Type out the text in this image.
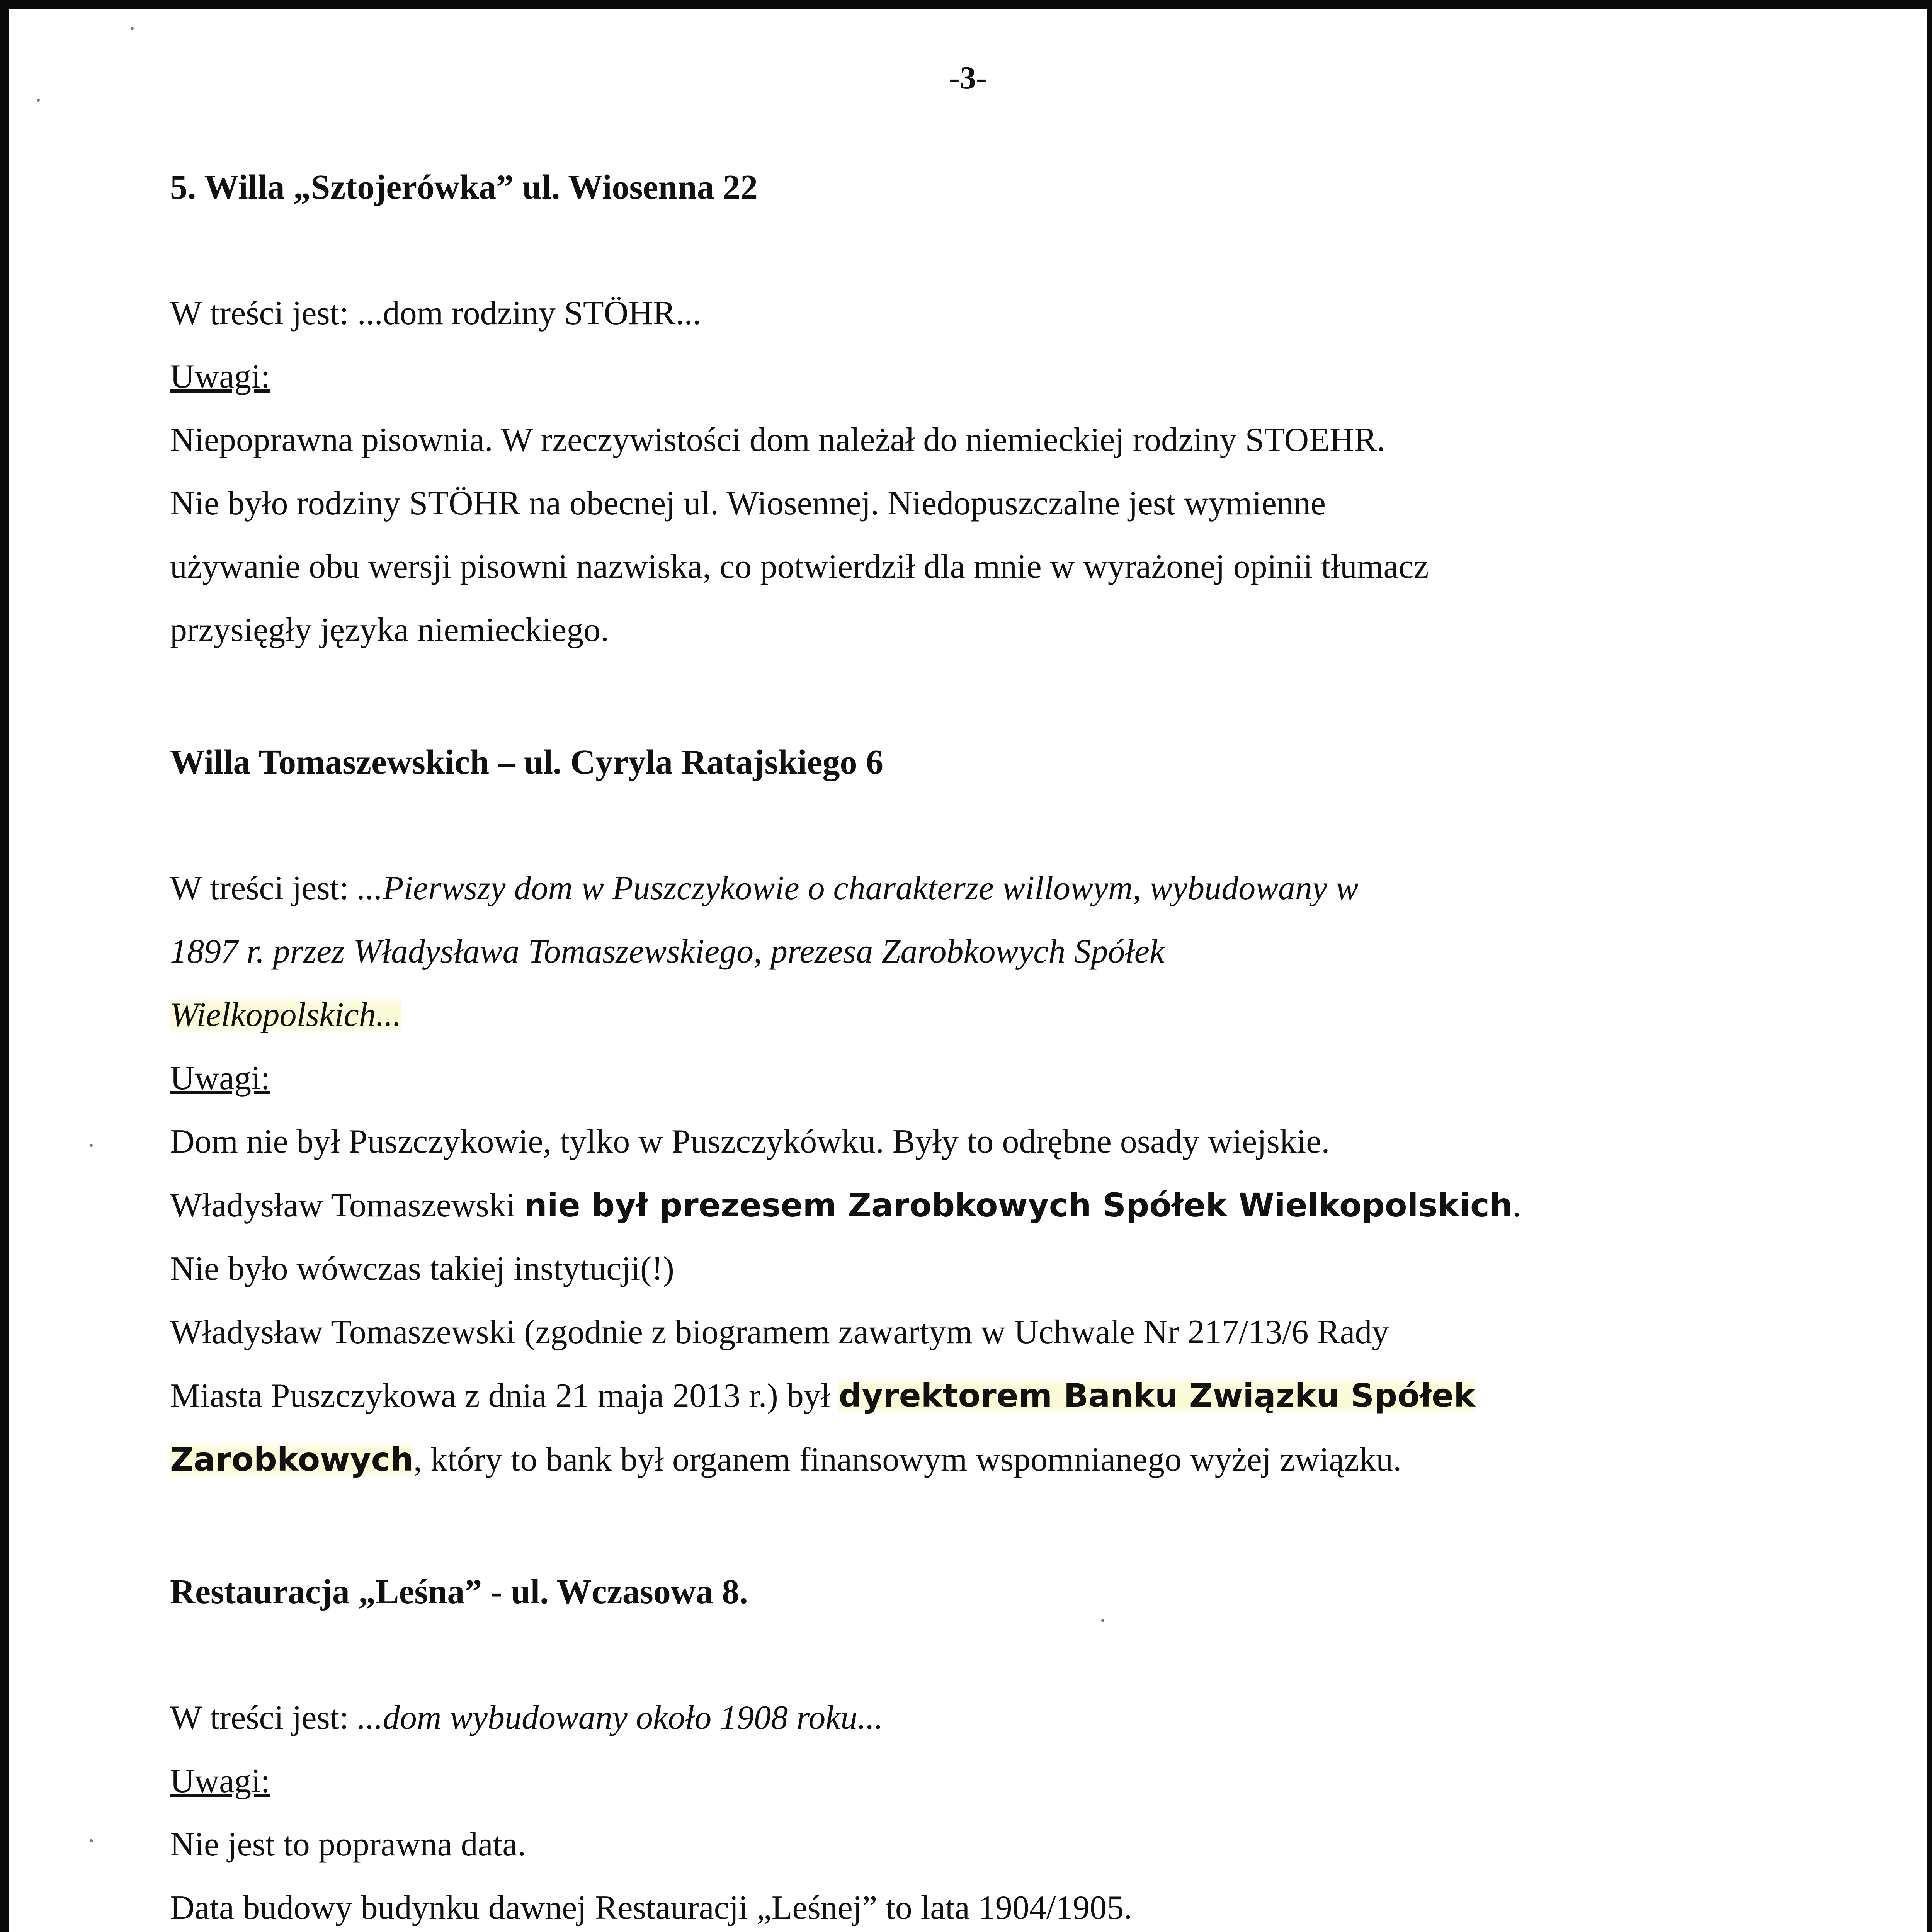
-3-

5. Willa „Sztojerówka” ul. Wiosenna 22

W treści jest: ...dom rodziny STÖHR...

Uwagi:

Niepoprawna pisownia. W rzeczywistości dom należał do niemieckiej rodziny STOEHR.

Nie było rodziny STÖHR na obecnej ul. Wiosennej. Niedopuszczalne jest wymienne

używanie obu wersji pisowni nazwiska, co potwierdził dla mnie w wyrażonej opinii tłumacz

przysięgły języka niemieckiego.

Willa Tomaszewskich – ul. Cyryla Ratajskiego 6

W treści jest: ...Pierwszy dom w Puszczykowie o charakterze willowym, wybudowany w

1897 r. przez Władysława Tomaszewskiego, prezesa Zarobkowych Spółek

Wielkopolskich...

Uwagi:

Dom nie był Puszczykowie, tylko w Puszczykówku. Były to odrębne osady wiejskie.

Władysław Tomaszewski nie był prezesem Zarobkowych Spółek Wielkopolskich.

Nie było wówczas takiej instytucji(!)

Władysław Tomaszewski (zgodnie z biogramem zawartym w Uchwale Nr 217/13/6 Rady

Miasta Puszczykowa z dnia 21 maja 2013 r.) był dyrektorem Banku Związku Spółek

Zarobkowych, który to bank był organem finansowym wspomnianego wyżej związku.

Restauracja „Leśna” - ul. Wczasowa 8.

W treści jest: ...dom wybudowany około 1908 roku...

Uwagi:

Nie jest to poprawna data.

Data budowy budynku dawnej Restauracji „Leśnej” to lata 1904/1905.
